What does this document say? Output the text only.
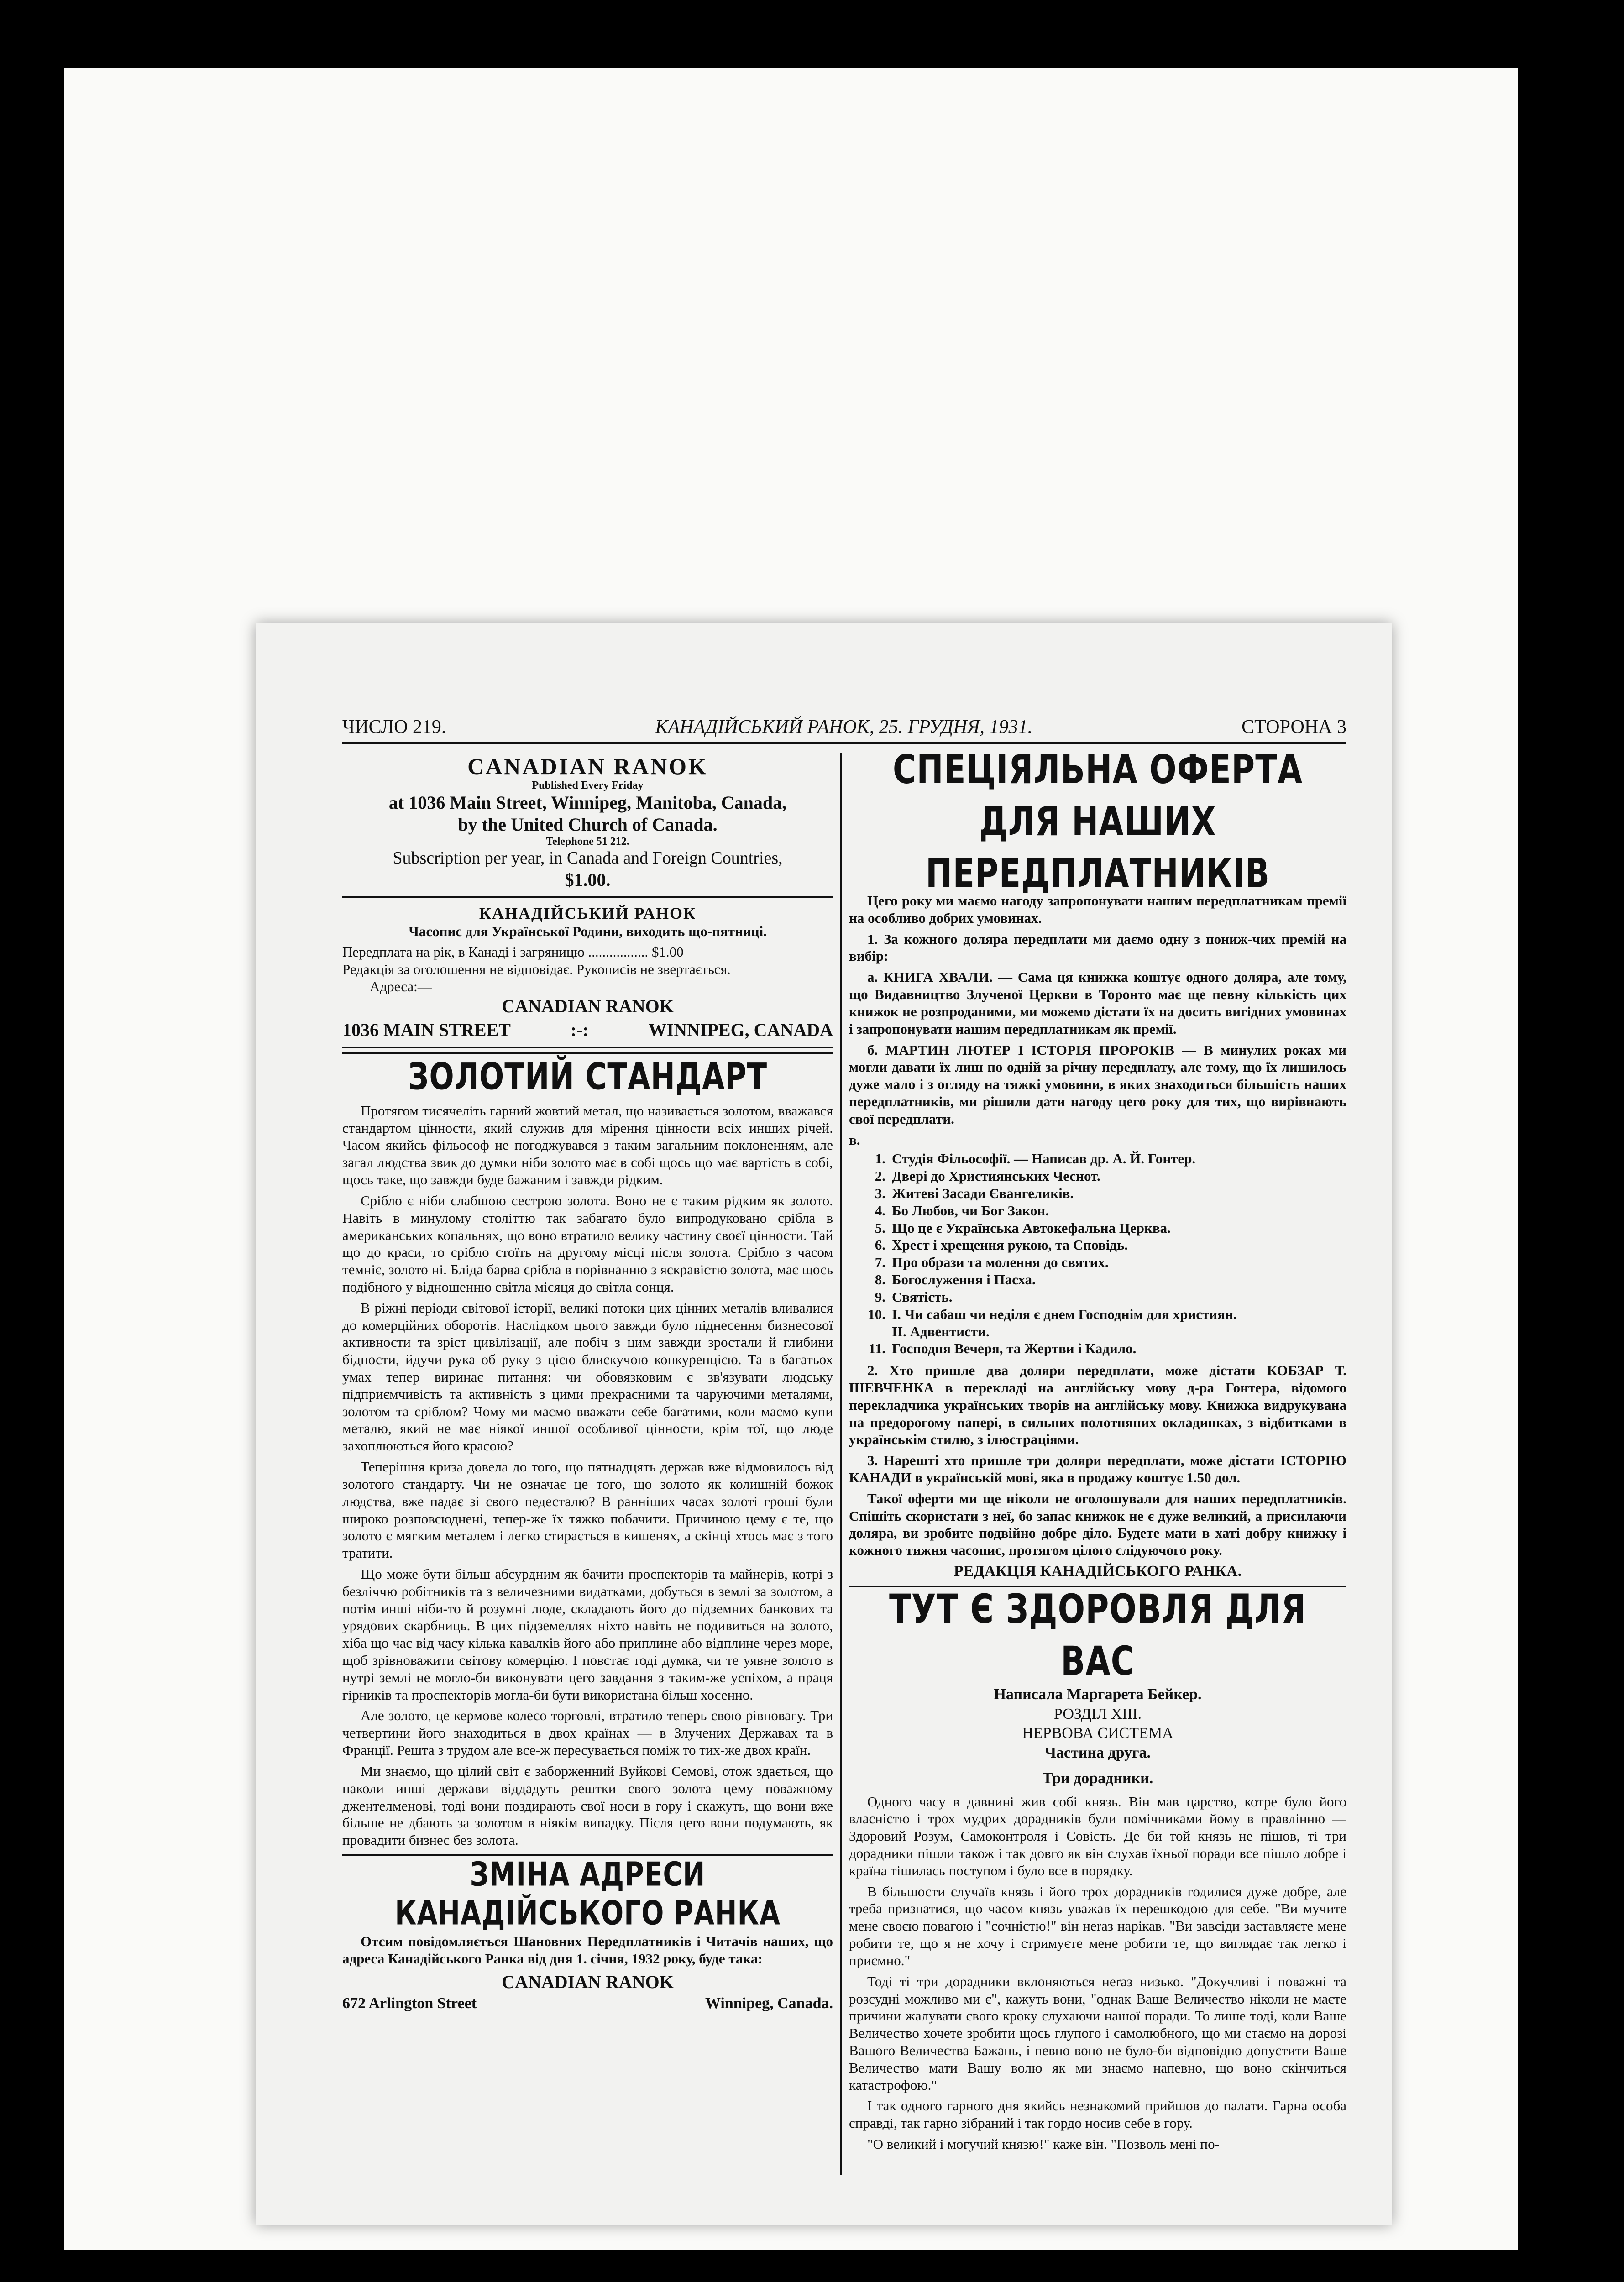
ЧИСЛО 219.	КАНАДІЙСЬКИЙ РАНОК, 25. ГРУДНЯ, 1931.	СТОРОНА 3
CANADIAN RANOK
Published Every Friday
at 1036 Main Street, Winnipeg, Manitoba, Canada,
by the United Church of Canada.
Telephone 51 212.
Subscription per year, in Canada and Foreign Countries,
$1.00.
КАНАДІЙСЬКИЙ РАНОК

Часопис для Української Родини, виходить що-пятниці.

Передплата на рік, в Канаді і загряницю ................. $1.00

Редакція за оголошення не відповідає. Рукописів не звертається.

Адреса:—

CANADIAN RANOK
1036 MAIN STREET	:-:	WINNIPEG, CANADA
ЗОЛОТИЙ СТАНДАРТ

Протягом тисячеліть гарний жовтий метал, що називається золотом, вважався стандартом цінности, який служив для мірення цінности всіх инших річей. Часом якийсь фільософ не погоджувався з таким загальним поклоненням, але загал людства звик до думки ніби золото має в собі щось що має вартість в собі, щось таке, що завжди буде бажаним і завжди рідким.

Срібло є ніби слабшою сестрою золота. Воно не є таким рідким як золото. Навіть в минулому століттю так забагато було випродуковано срібла в американських копальнях, що воно втратило велику частину своєї цінности. Тай що до краси, то срібло стоїть на другому місці після золота. Срібло з часом темніє, золото ні. Бліда барва срібла в порівнанню з яскравістю золота, має щось подібного у відношенню світла місяця до світла сонця.

В ріжні періоди світової історії, великі потоки цих цінних металів вливалися до комерційних оборотів. Наслідком цього завжди було піднесення бизнесової активности та зріст цивілізації, але побіч з цим завжди зростали й глибини бідности, йдучи рука об руку з цією блискучою конкуренцією. Та в багатьох умах тепер виринає питання: чи обовязковим є зв'язувати людську підприємчивість та активність з цими прекрасними та чаруючими металями, золотом та сріблом? Чому ми маємо вважати себе багатими, коли маємо купи металю, який не має ніякої иншої особливої цінности, крім тої, що люде захоплюються його красою?

Теперішня криза довела до того, що пятнадцять держав вже відмовилось від золотого стандарту. Чи не означає це того, що золото як колишній божок людства, вже падає зі свого педесталю? В ранніших часах золоті гроші були широко розповсюднені, тепер-же їх тяжко побачити. Причиною цему є те, що золото є мягким металем і легко стирається в кишенях, а скінці хтось має з того тратити.

Що може бути більш абсурдним як бачити проспекторів та майнерів, котрі з безліччю робітників та з величезними видатками, добуться в землі за золотом, а потім инші ніби-то й розумні люде, складають його до підземних банкових та урядових скарбниць. В цих підземеллях ніхто навіть не подивиться на золото, хіба що час від часу кілька кавалків його або приплине або відплине через море, щоб зрівноважити світову комерцію. І повстає тоді думка, чи те уявне золото в нутрі землі не могло-би виконувати цего завдання з таким-же успіхом, а праця гірників та проспекторів могла-би бути використана більш хосенно.

Але золото, це кермове колесо торговлі, втратило теперь свою рівновагу. Три четвертини його знаходиться в двох краïнах — в Злучених Державах та в Франції. Решта з трудом але все-ж пересувається поміж то тих-же двох країн.

Ми знаємо, що цілий світ є заборженний Вуйкові Семові, отож здається, що наколи инші держави віддадуть рештки свого золота цему поважному джентелменові, тоді вони поздирають свої носи в гору і скажуть, що вони вже більше не дбають за золотом в ніякім випадку. Після цего вони подумають, як провадити бизнес без золота.

ЗМІНА АДРЕСИ КАНАДІЙСЬКОГО РАНКА

Отсим повідомляється Шановних Передплатників і Читачів наших, що адреса Канадійського Ранка від дня 1. січня, 1932 року, буде така:

CANADIAN RANOK
672 Arlington Street	Winnipeg, Canada.
СПЕЦІЯЛЬНА ОФЕРТА ДЛЯ НАШИХ ПЕРЕДПЛАТНИКІВ

Цего року ми маємо нагоду запропонувати нашим передплатникам премії на особливо добрих умовинах.

1. За кожного доляра передплати ми даємо одну з пониж-чих премій на вибір:

а. КНИГА ХВАЛИ. — Сама ця книжка коштує одного доляра, але тому, що Видавництво Злученої Церкви в Торонто має ще певну кількість цих книжок не розпроданими, ми можемо дістати їх на досить вигідних умовинах і запропонувати нашим передплатникам як премії.

б. МАРТИН ЛЮТЕР І ІСТОРІЯ ПРОРОКІВ — В минулих роках ми могли давати їх лиш по одній за річну передплату, але тому, що їх лишилось дуже мало і з огляду на тяжкі умовини, в яких знаходиться більшість наших передплатників, ми рішили дати нагоду цего року для тих, що вирівнають свої передплати.

в.

1. Студія Фільософії. — Написав др. А. Й. Гонтер.
2. Двері до Християнських Чеснот.
3. Житеві Засади Євангеликів.
4. Бо Любов, чи Бог Закон.
5. Що це є Українська Автокефальна Церква.
6. Хрест і хрещення рукою, та Сповідь.
7. Про образи та молення до святих.
8. Богослуження і Пасха.
9. Святість.
10. І. Чи сабаш чи неділя є днем Господнім для християн.
ІІ. Адвентисти.
11. Господня Вечеря, та Жертви і Кадило.

2. Хто пришле два доляри передплати, може дістати КОБЗАР Т. ШЕВЧЕНКА в перекладі на англійську мову д-ра Гонтера, відомого перекладчика українських творів на англійську мову. Книжка видрукувана на предорогому папері, в сильних полотняних окладинках, з відбитками в українськім стилю, з ілюстраціями.

3. Нарешті хто пришле три доляри передплати, може дістати ІСТОРІЮ КАНАДИ в українській мові, яка в продажу коштує 1.50 дол.

Такої оферти ми ще ніколи не оголошували для наших передплатників. Спішіть скористати з неї, бо запас книжок не є дуже великий, а присилаючи доляра, ви зробите подвійно добре діло. Будете мати в хаті добру книжку і кожного тижня часопис, протягом цілого слідуючого року.

РЕДАКЦІЯ КАНАДІЙСЬКОГО РАНКА.
ТУТ Є ЗДОРОВЛЯ ДЛЯ ВАС
Написала Маргарета Бейкер.
РОЗДІЛ XIII.
НЕРВОВА СИСТЕМА
Частина друга.
Три дорадники.

Одного часу в давнині жив собі князь. Він мав царство, котре було його власністю і трох мудрих дорадників були помічниками йому в правлінню — Здоровий Розум, Самоконтроля і Совість. Де би той князь не пішов, ті три дорадники пішли також і так довго як він слухав їхньої поради все пішло добре і країна тішилась поступом і було все в порядку.

В більшости случаїв князь і його трох дорадників годилися дуже добре, але треба признатися, що часом князь уважав їх перешкодою для себе. "Ви мучите мене своєю повагою і "сочністю!" він неraз нарікав. "Ви завсіди заставляєте мене робити те, що я не хочу і стримуєте мене робити те, що виглядає так легко і приємно."

Тоді ті три дорадники вклоняються неraз низько. "Докучливі і поважні та розсудні можливо ми є", кажуть вони, "однак Ваше Величество ніколи не маєте причини жалувати свого кроку слухаючи нашої поради. То лише тоді, коли Ваше Величество хочете зробити щось глупого і самолюбного, що ми стаємо на дорозі Вашого Величества Бажань, і певно воно не було-би відповідно допустити Ваше Величество мати Вашу волю як ми знаємо напевно, що воно скінчиться катастрофою."

І так одного гарного дня якийсь незнакомий прийшов до палати. Гарна особа справді, так гарно зібраний і так гордо носив себе в гору.

"О великий і могучий князю!" каже він. "Позволь мені по-
